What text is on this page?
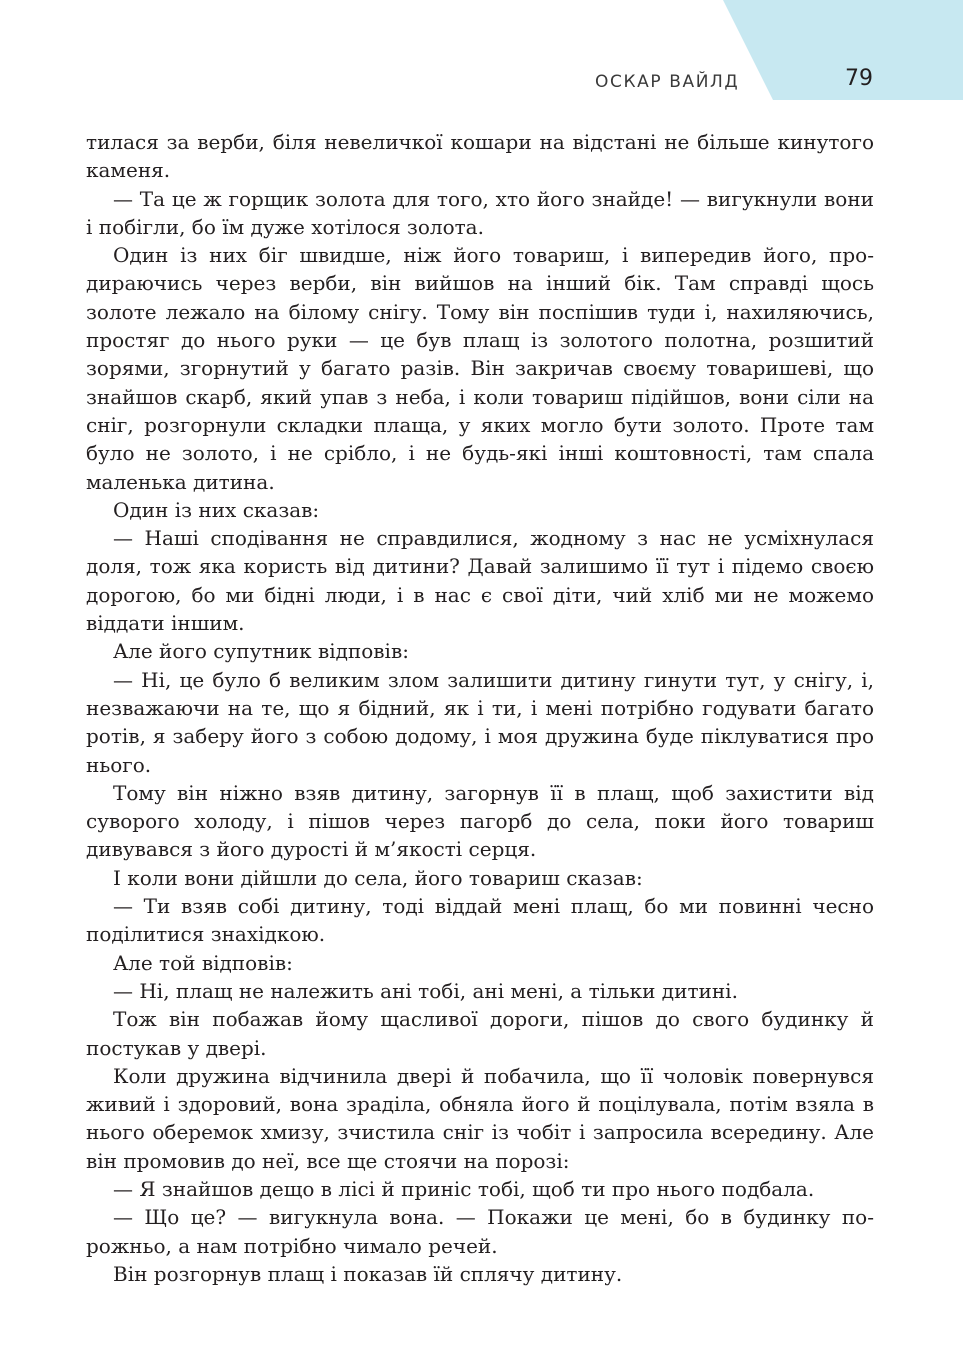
ОСКАР ВАЙЛД	79

тилася за верби, біля невеличкої кошари на відстані не більше кинутого каменя.

— Та це ж горщик золота для того, хто його знайде! — вигукнули вони і побігли, бо їм дуже хотілося золота.

Один із них біг швидше, ніж його товариш, і випередив його, продираючись через верби, він вийшов на інший бік. Там справді щось золоте лежало на білому снігу. Тому він поспішив туди і, нахиляючись, простяг до нього руки — це був плащ із золотого полотна, розшитий зорями, згорнутий у багато разів. Він закричав своєму товаришеві, що знайшов скарб, який упав з неба, і коли товариш підійшов, вони сіли на сніг, розгорнули складки плаща, у яких могло бути золото. Проте там було не золото, і не срібло, і не будь-які інші коштовності, там спала маленька дитина.

Один із них сказав:

— Наші сподівання не справдилися, жодному з нас не усміхнулася доля, тож яка користь від дитини? Давай залишимо її тут і підемо своєю дорогою, бо ми бідні люди, і в нас є свої діти, чий хліб ми не можемо віддати іншим.

Але його супутник відповів:

— Ні, це було б великим злом залишити дитину гинути тут, у снігу, і, незважаючи на те, що я бідний, як і ти, і мені потрібно годувати багато ротів, я заберу його з собою додому, і моя дружина буде піклуватися про нього.

Тому він ніжно взяв дитину, загорнув її в плащ, щоб захистити від суворого холоду, і пішов через пагорб до села, поки його товариш дивувався з його дурості й м’якості серця.

І коли вони дійшли до села, його товариш сказав:

— Ти взяв собі дитину, тоді віддай мені плащ, бо ми повинні чесно поділитися знахідкою.

Але той відповів:

— Ні, плащ не належить ані тобі, ані мені, а тільки дитині.

Тож він побажав йому щасливої дороги, пішов до свого будинку й постукав у двері.

Коли дружина відчинила двері й побачила, що її чоловік повернувся живий і здоровий, вона зраділа, обняла його й поцілувала, потім взяла в нього оберемок хмизу, зчистила сніг із чобіт і запросила всередину. Але він промовив до неї, все ще стоячи на порозі:

— Я знайшов дещо в лісі й приніс тобі, щоб ти про нього подбала.

— Що це? — вигукнула вона. — Покажи це мені, бо в будинку порожньо, а нам потрібно чимало речей.

Він розгорнув плащ і показав їй сплячу дитину.
